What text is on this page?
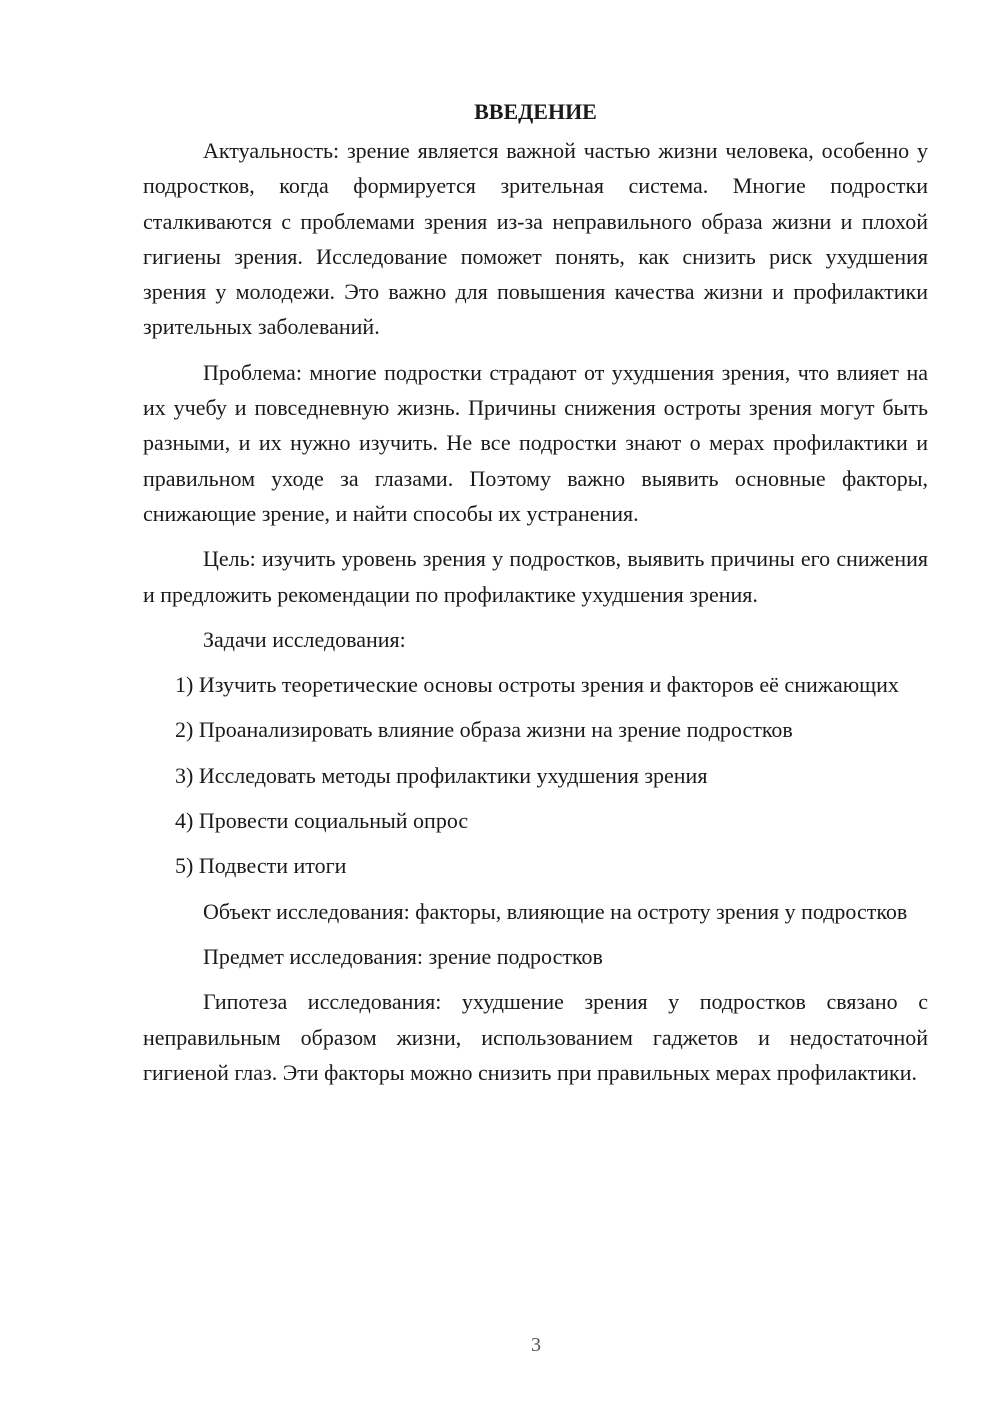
ВВЕДЕНИЕ

Актуальность: зрение является важной частью жизни человека, особенно у подростков, когда формируется зрительная система. Многие подростки сталкиваются с проблемами зрения из-за неправильного образа жизни и плохой гигиены зрения. Исследование поможет понять, как снизить риск ухудшения зрения у молодежи. Это важно для повышения качества жизни и профилактики зрительных заболеваний.

Проблема: многие подростки страдают от ухудшения зрения, что влияет на их учебу и повседневную жизнь. Причины снижения остроты зрения могут быть разными, и их нужно изучить. Не все подростки знают о мерах профилактики и правильном уходе за глазами. Поэтому важно выявить основные факторы, снижающие зрение, и найти способы их устранения.

Цель: изучить уровень зрения у подростков, выявить причины его снижения и предложить рекомендации по профилактике ухудшения зрения.

Задачи исследования:

1) Изучить теоретические основы остроты зрения и факторов её снижающих

2) Проанализировать влияние образа жизни на зрение подростков

3) Исследовать методы профилактики ухудшения зрения

4) Провести социальный опрос

5) Подвести итоги

Объект исследования: факторы, влияющие на остроту зрения у подростков

Предмет исследования: зрение подростков

Гипотеза исследования: ухудшение зрения у подростков связано с неправильным образом жизни, использованием гаджетов и недостаточной гигиеной глаз. Эти факторы можно снизить при правильных мерах профилактики.

3
